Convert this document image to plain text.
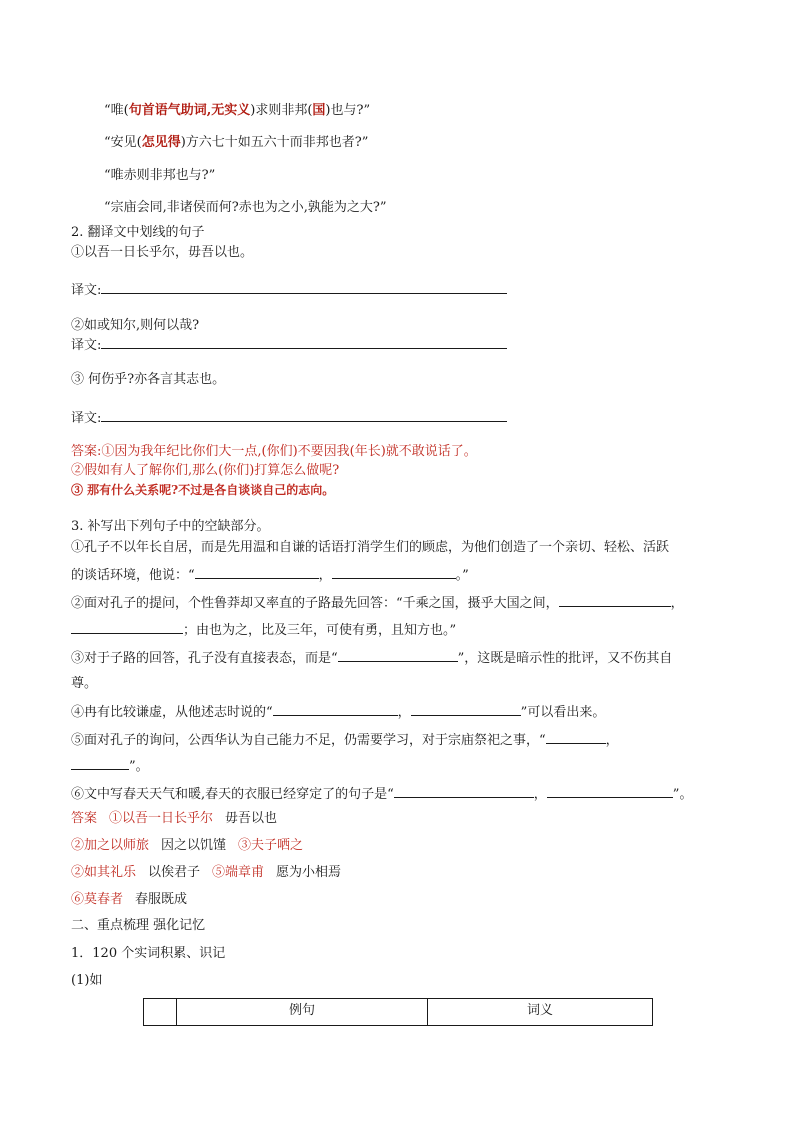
“唯(句首语气助词,无实义)求则非邦(国)也与?”
“安见(怎见得)方六七十如五六十而非邦也者?”
“唯赤则非邦也与?”
“宗庙会同,非诸侯而何?赤也为之小,孰能为之大?”
2. 翻译文中划线的句子
①以吾一日长乎尔，毋吾以也。
译文:
②如或知尔,则何以哉?
译文:
③ 何伤乎?亦各言其志也。
译文:
答案:①因为我年纪比你们大一点,(你们)不要因我(年长)就不敢说话了。
②假如有人了解你们,那么(你们)打算怎么做呢?
③ 那有什么关系呢?不过是各自谈谈自己的志向。
3. 补写出下列句子中的空缺部分。
①孔子不以年长自居，而是先用温和自谦的话语打消学生们的顾虑，为他们创造了一个亲切、轻松、活跃
的谈话环境，他说：“	，	。”
②面对孔子的提问，个性鲁莽却又率直的子路最先回答：“千乘之国，摄乎大国之间，	，
；由也为之，比及三年，可使有勇，且知方也。”
③对于子路的回答，孔子没有直接表态，而是“	”，这既是暗示性的批评，又不伤其自
尊。
④冉有比较谦虚，从他述志时说的“	，	”可以看出来。
⑤面对孔子的询问，公西华认为自己能力不足，仍需要学习，对于宗庙祭祀之事，“	，
”。
⑥文中写春天天气和暖,春天的衣服已经穿定了的句子是“	，	”。
答案 ①以吾一日长乎尔 毋吾以也
②加之以师旅 因之以饥馑 ③夫子哂之
②如其礼乐 以俟君子 ⑤端章甫 愿为小相焉
⑥莫春者 春服既成
二、重点梳理 强化记忆
1．120 个实词积累、识记
(1)如
	例句	词义
